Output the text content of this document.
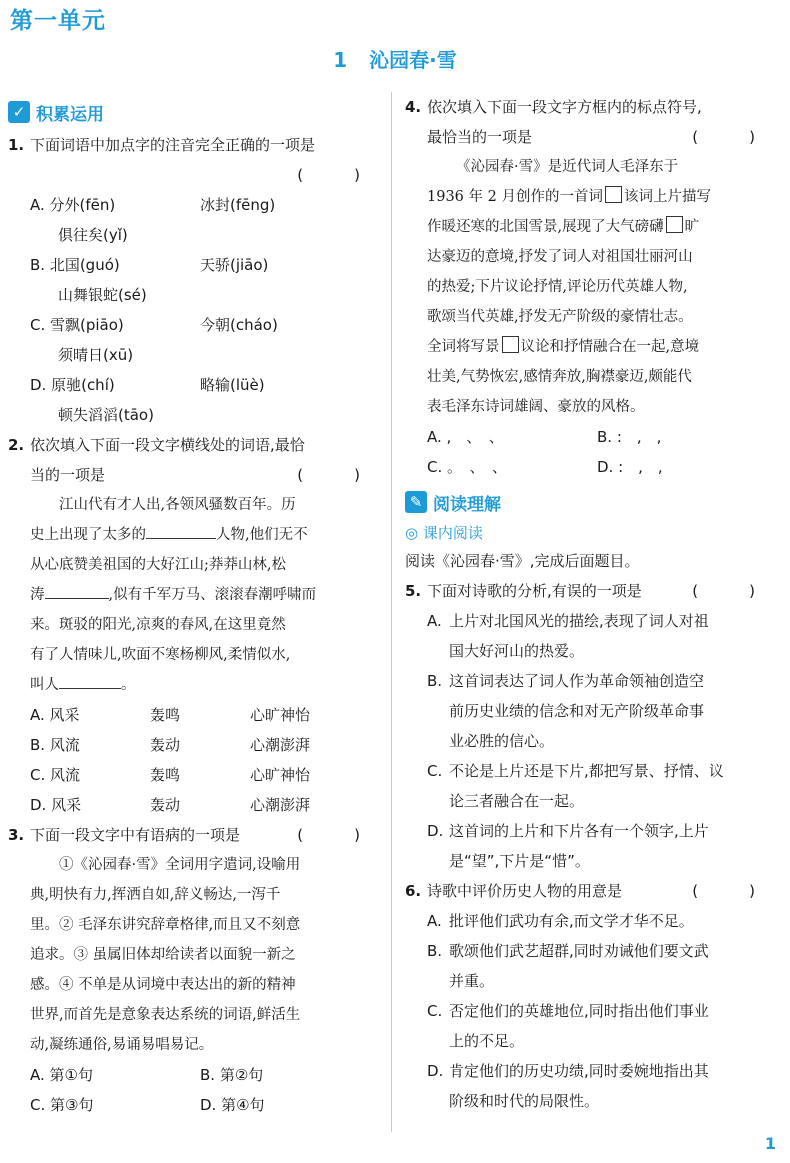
第一单元
1 沁园春·雪
✓ 积累运用
1. 下面词语中加点字的注音完全正确的一项是
(　)

A. 分外(fēn)	冰封(fēng)
俱往矣(yǐ)
B. 北国(guó)	天骄(jiāo)
山舞银蛇(sé)
C. 雪飘(piāo)	今朝(cháo)
须晴日(xū)
D. 原驰(chí)	略输(lüè)
顿失滔滔(tāo)
2. 依次填入下面一段文字横线处的词语,最恰
当的一项是	(　)
江山代有才人出,各领风骚数百年。历
史上出现了太多的	人物,他们无不
从心底赞美祖国的大好江山;莽莽山林,松
涛	,似有千军万马、滚滚春潮呼啸而
来。斑驳的阳光,凉爽的春风,在这里竟然
有了人情味儿,吹面不寒杨柳风,柔情似水,
叫人	。
A. 风采	轰鸣	心旷神怡
B. 风流	轰动	心潮澎湃
C. 风流	轰鸣	心旷神怡
D. 风采	轰动	心潮澎湃
3. 下面一段文字中有语病的一项是	(　)
①《沁园春·雪》全词用字遣词,设喻用
典,明快有力,挥洒自如,辞义畅达,一泻千
里。② 毛泽东讲究辞章格律,而且又不刻意
追求。③ 虽属旧体却给读者以面貌一新之
感。④ 不单是从词境中表达出的新的精神
世界,而首先是意象表达系统的词语,鲜活生
动,凝练通俗,易诵易唱易记。
A. 第①句	B. 第②句
C. 第③句	D. 第④句
4. 依次填入下面一段文字方框内的标点符号,
最恰当的一项是	(　)
《沁园春·雪》是近代词人毛泽东于
1936 年 2 月创作的一首词 该词上片描写
作暖还寒的北国雪景,展现了大气磅礴 旷
达豪迈的意境,抒发了词人对祖国壮丽河山
的热爱;下片议论抒情,评论历代英雄人物,
歌颂当代英雄,抒发无产阶级的豪情壮志。
全词将写景 议论和抒情融合在一起,意境
壮美,气势恢宏,感情奔放,胸襟豪迈,颇能代
表毛泽东诗词雄阔、豪放的风格。
A. ,　、　、	B. :　,　,
C. 。　、　、	D. :　,　,
✎ 阅读理解
◎ 课内阅读
阅读《沁园春·雪》,完成后面题目。
5. 下面对诗歌的分析,有误的一项是	(　)
A. 上片对北国风光的描绘,表现了词人对祖
国大好河山的热爱。
B. 这首词表达了词人作为革命领袖创造空
前历史业绩的信念和对无产阶级革命事
业必胜的信心。
C. 不论是上片还是下片,都把写景、抒情、议
论三者融合在一起。
D. 这首词的上片和下片各有一个领字,上片
是“望”,下片是“惜”。
6. 诗歌中评价历史人物的用意是	(　)
A. 批评他们武功有余,而文学才华不足。
B. 歌颂他们武艺超群,同时劝诫他们要文武
并重。
C. 否定他们的英雄地位,同时指出他们事业
上的不足。
D. 肯定他们的历史功绩,同时委婉地指出其
阶级和时代的局限性。
1
